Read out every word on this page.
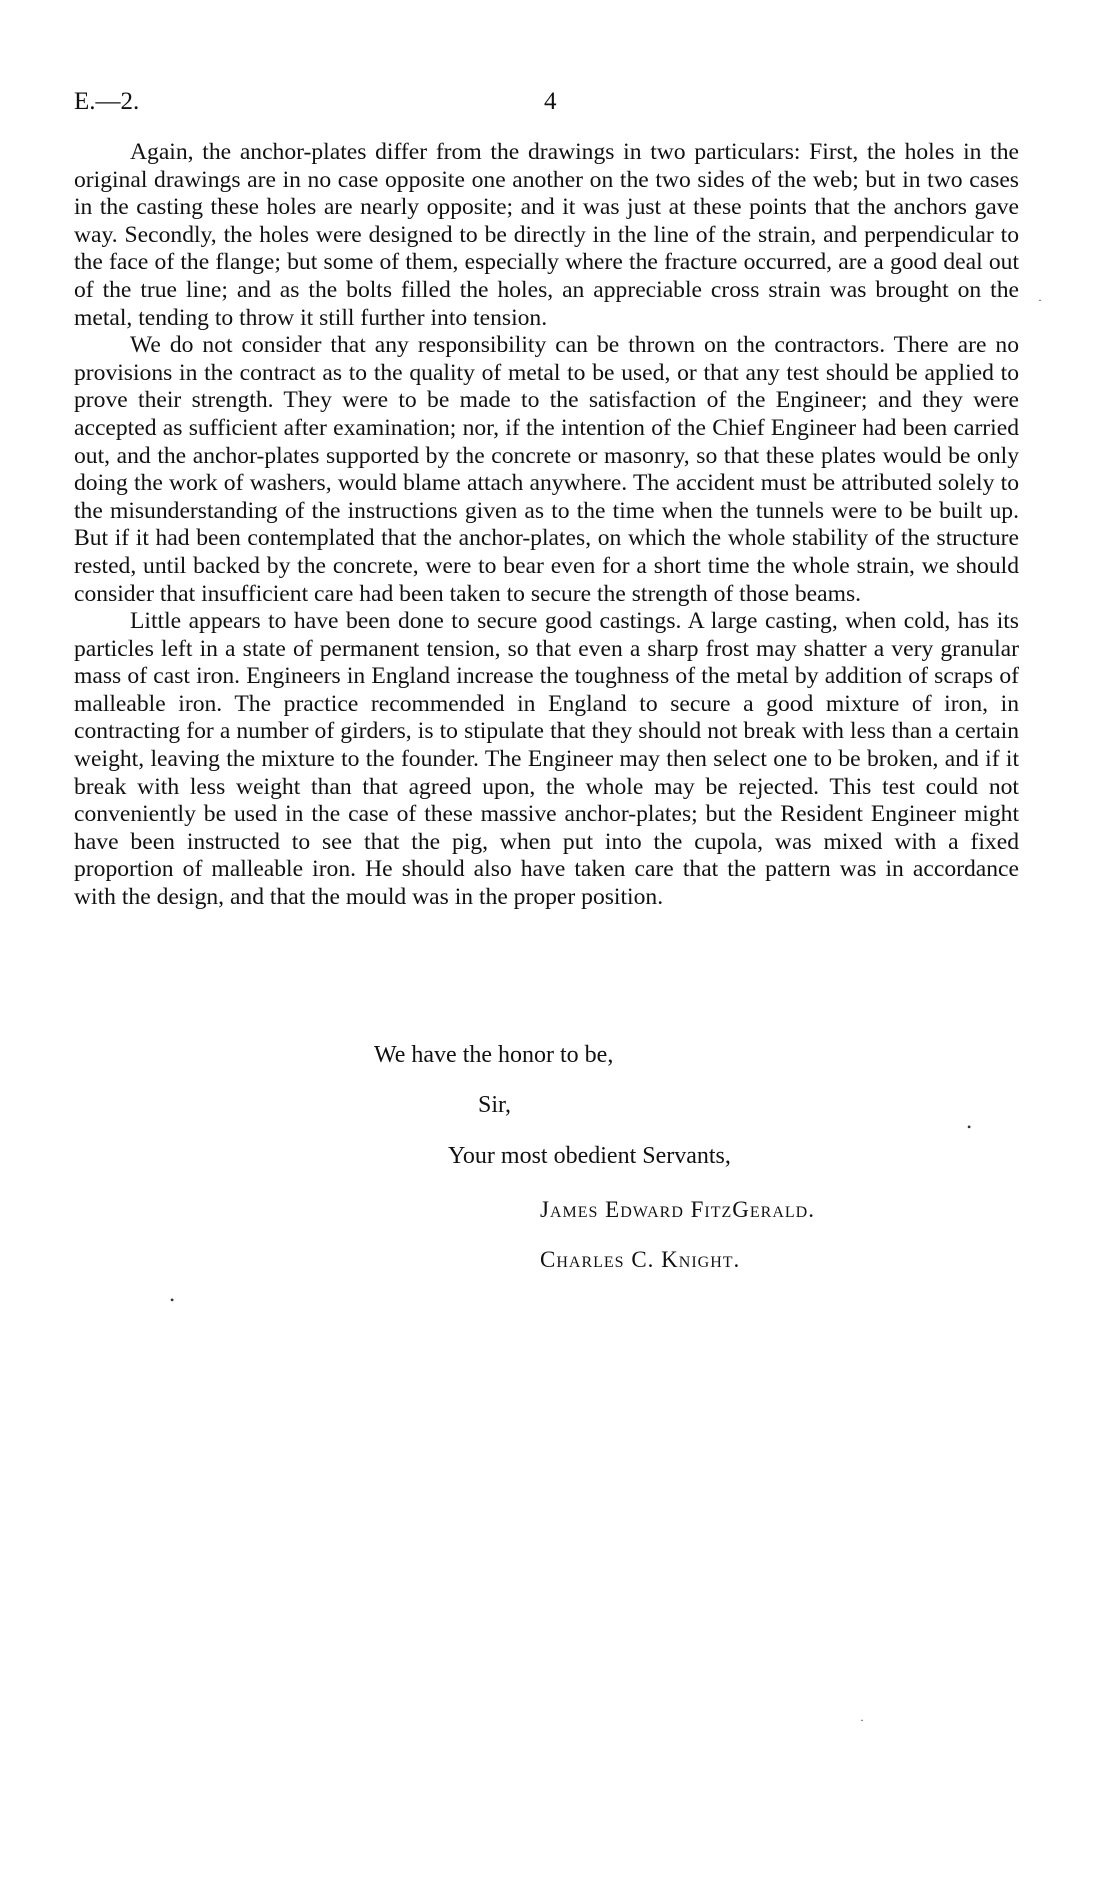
E.—2.	4

Again, the anchor-plates differ from the drawings in two particulars: First, the holes in the original drawings are in no case opposite one another on the two sides of the web; but in two cases in the casting these holes are nearly opposite; and it was just at these points that the anchors gave way. Secondly, the holes were designed to be directly in the line of the strain, and perpendicular to the face of the flange; but some of them, especially where the fracture occurred, are a good deal out of the true line; and as the bolts filled the holes, an appreciable cross strain was brought on the metal, tending to throw it still further into tension.

We do not consider that any responsibility can be thrown on the contractors. There are no provisions in the contract as to the quality of metal to be used, or that any test should be applied to prove their strength. They were to be made to the satisfaction of the Engineer; and they were accepted as sufficient after examination; nor, if the intention of the Chief Engineer had been carried out, and the anchor-plates supported by the concrete or masonry, so that these plates would be only doing the work of washers, would blame attach anywhere. The accident must be attributed solely to the misunderstanding of the instructions given as to the time when the tunnels were to be built up. But if it had been contemplated that the anchor-plates, on which the whole stability of the structure rested, until backed by the concrete, were to bear even for a short time the whole strain, we should consider that insufficient care had been taken to secure the strength of those beams.

Little appears to have been done to secure good castings. A large casting, when cold, has its particles left in a state of permanent tension, so that even a sharp frost may shatter a very granular mass of cast iron. Engineers in England increase the toughness of the metal by addition of scraps of malleable iron. The practice recommended in England to secure a good mixture of iron, in contracting for a number of girders, is to stipulate that they should not break with less than a certain weight, leaving the mixture to the founder. The Engineer may then select one to be broken, and if it break with less weight than that agreed upon, the whole may be rejected. This test could not conveniently be used in the case of these massive anchor-plates; but the Resident Engineer might have been instructed to see that the pig, when put into the cupola, was mixed with a fixed proportion of malleable iron. He should also have taken care that the pattern was in accordance with the design, and that the mould was in the proper position.

We have the honor to be,
Sir,
Your most obedient Servants,
James Edward FitzGerald.
Charles C. Knight.
·
•
•
·
